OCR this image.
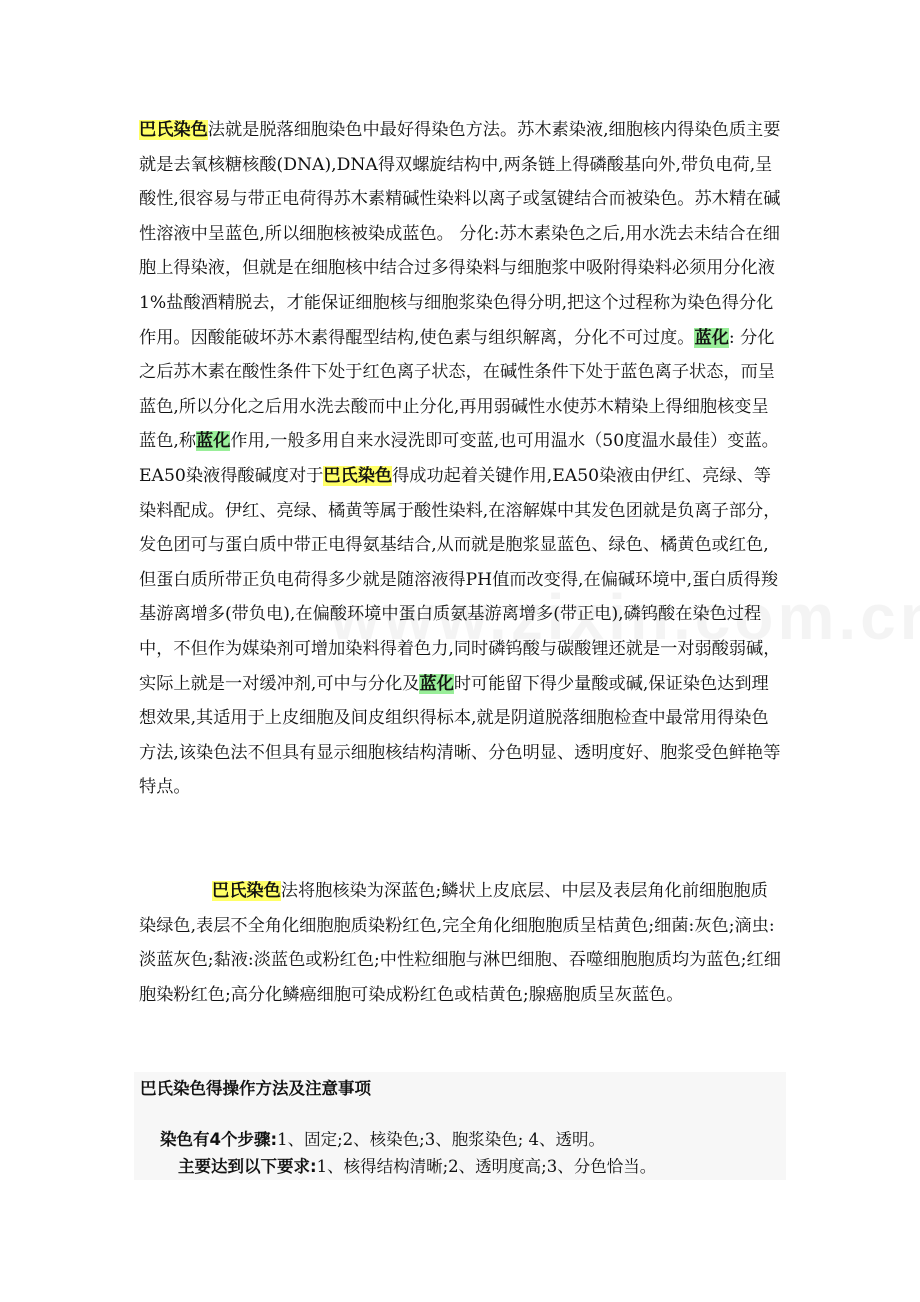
巴氏染色法就是脱落细胞染色中最好得染色方法。苏木素染液,细胞核内得染色质主要就是去氧核糖核酸(DNA),DNA得双螺旋结构中,两条链上得磷酸基向外,带负电荷,呈酸性,很容易与带正电荷得苏木素精碱性染料以离子或氢键结合而被染色。苏木精在碱性溶液中呈蓝色,所以细胞核被染成蓝色。 分化:苏木素染色之后,用水洗去未结合在细胞上得染液，但就是在细胞核中结合过多得染料与细胞浆中吸附得染料必须用分化液1%盐酸酒精脱去，才能保证细胞核与细胞浆染色得分明,把这个过程称为染色得分化作用。因酸能破坏苏木素得醌型结构,使色素与组织解离，分化不可过度。蓝化: 分化之后苏木素在酸性条件下处于红色离子状态，在碱性条件下处于蓝色离子状态，而呈蓝色,所以分化之后用水洗去酸而中止分化,再用弱碱性水使苏木精染上得细胞核变呈蓝色,称蓝化作用,一般多用自来水浸洗即可变蓝,也可用温水（50度温水最佳）变蓝。EA50染液得酸碱度对于巴氏染色得成功起着关键作用,EA50染液由伊红、亮绿、等染料配成。伊红、亮绿、橘黄等属于酸性染料,在溶解媒中其发色团就是负离子部分，发色团可与蛋白质中带正电得氨基结合,从而就是胞浆显蓝色、绿色、橘黄色或红色,但蛋白质所带正负电荷得多少就是随溶液得PH值而改变得,在偏碱环境中,蛋白质得羧基游离增多(带负电),在偏酸环境中蛋白质氨基游离增多(带正电),磷钨酸在染色过程中，不但作为媒染剂可增加染料得着色力,同时磷钨酸与碳酸锂还就是一对弱酸弱碱，实际上就是一对缓冲剂,可中与分化及蓝化时可能留下得少量酸或碱,保证染色达到理想效果,其适用于上皮细胞及间皮组织得标本,就是阴道脱落细胞检查中最常用得染色方法,该染色法不但具有显示细胞核结构清晰、分色明显、透明度好、胞浆受色鲜艳等特点。

巴氏染色法将胞核染为深蓝色;鳞状上皮底层、中层及表层角化前细胞胞质染绿色,表层不全角化细胞胞质染粉红色,完全角化细胞胞质呈桔黄色;细菌:灰色;滴虫:淡蓝灰色;黏液:淡蓝色或粉红色;中性粒细胞与淋巴细胞、吞噬细胞胞质均为蓝色;红细胞染粉红色;高分化鳞癌细胞可染成粉红色或桔黄色;腺癌胞质呈灰蓝色。

巴氏染色得操作方法及注意事项
染色有4个步骤:1、固定;2、核染色;3、胞浆染色; 4、透明。
主要达到以下要求:1、核得结构清晰;2、透明度高;3、分色恰当。
